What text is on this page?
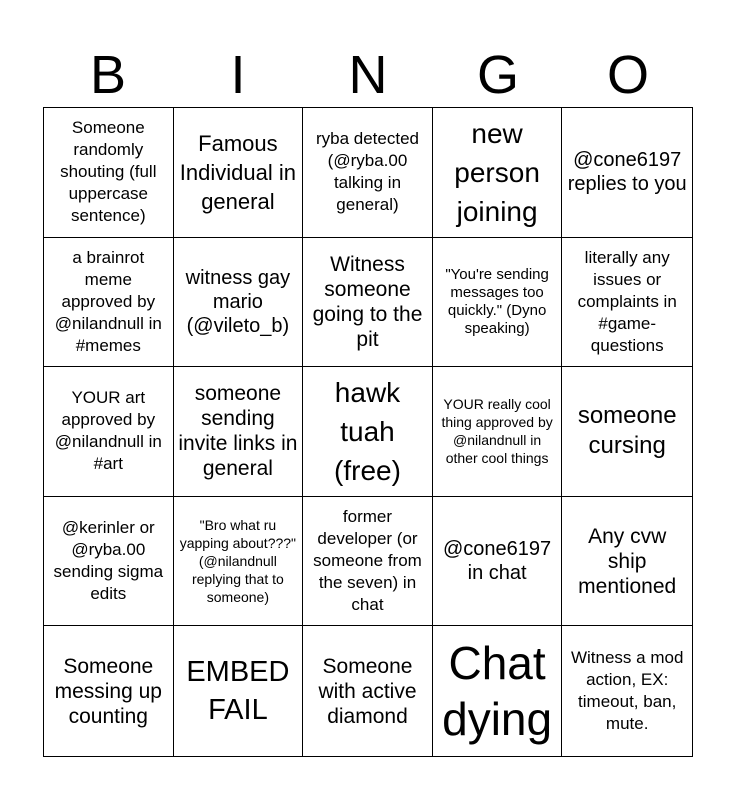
B	I	N	G	O
Someone randomly shouting (full uppercase sentence)
Famous Individual in general
ryba detected (@ryba.00 talking in general)
new person joining
@cone6197 replies to you
a brainrot meme approved by @nilandnull in #memes
witness gay mario (@vileto_b)
Witness someone going to the pit
"You're sending messages too quickly." (Dyno speaking)
literally any issues or complaints in #game-questions
YOUR art approved by @nilandnull in #art
someone sending invite links in general
hawk tuah (free)
YOUR really cool thing approved by @nilandnull in other cool things
someone cursing
@kerinler or @ryba.00 sending sigma edits
"Bro what ru yapping about???" (@nilandnull replying that to someone)
former developer (or someone from the seven) in chat
@cone6197 in chat
Any cvw ship mentioned
Someone messing up counting
EMBED FAIL
Someone with active diamond
Chat dying
Witness a mod action, EX: timeout, ban, mute.
